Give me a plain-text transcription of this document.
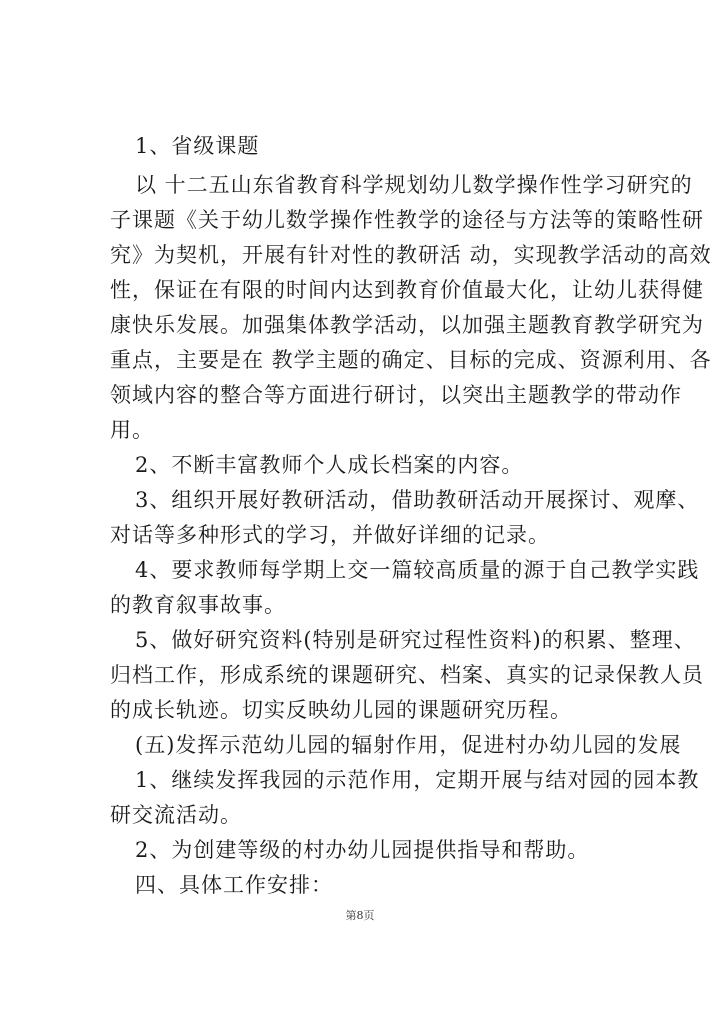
1、省级课题
以 十二五山东省教育科学规划幼儿数学操作性学习研究的
子课题《关于幼儿数学操作性教学的途径与方法等的策略性研
究》为契机，开展有针对性的教研活 动，实现教学活动的高效
性，保证在有限的时间内达到教育价值最大化，让幼儿获得健
康快乐发展。加强集体教学活动，以加强主题教育教学研究为
重点，主要是在 教学主题的确定、目标的完成、资源利用、各
领域内容的整合等方面进行研讨，以突出主题教学的带动作
用。
2、不断丰富教师个人成长档案的内容。
3、组织开展好教研活动，借助教研活动开展探讨、观摩、
对话等多种形式的学习，并做好详细的记录。
4、要求教师每学期上交一篇较高质量的源于自己教学实践
的教育叙事故事。
5、做好研究资料(特别是研究过程性资料)的积累、整理、
归档工作，形成系统的课题研究、档案、真实的记录保教人员
的成长轨迹。切实反映幼儿园的课题研究历程。
(五)发挥示范幼儿园的辐射作用，促进村办幼儿园的发展
1、继续发挥我园的示范作用，定期开展与结对园的园本教
研交流活动。
2、为创建等级的村办幼儿园提供指导和帮助。
四、具体工作安排：
第8页
